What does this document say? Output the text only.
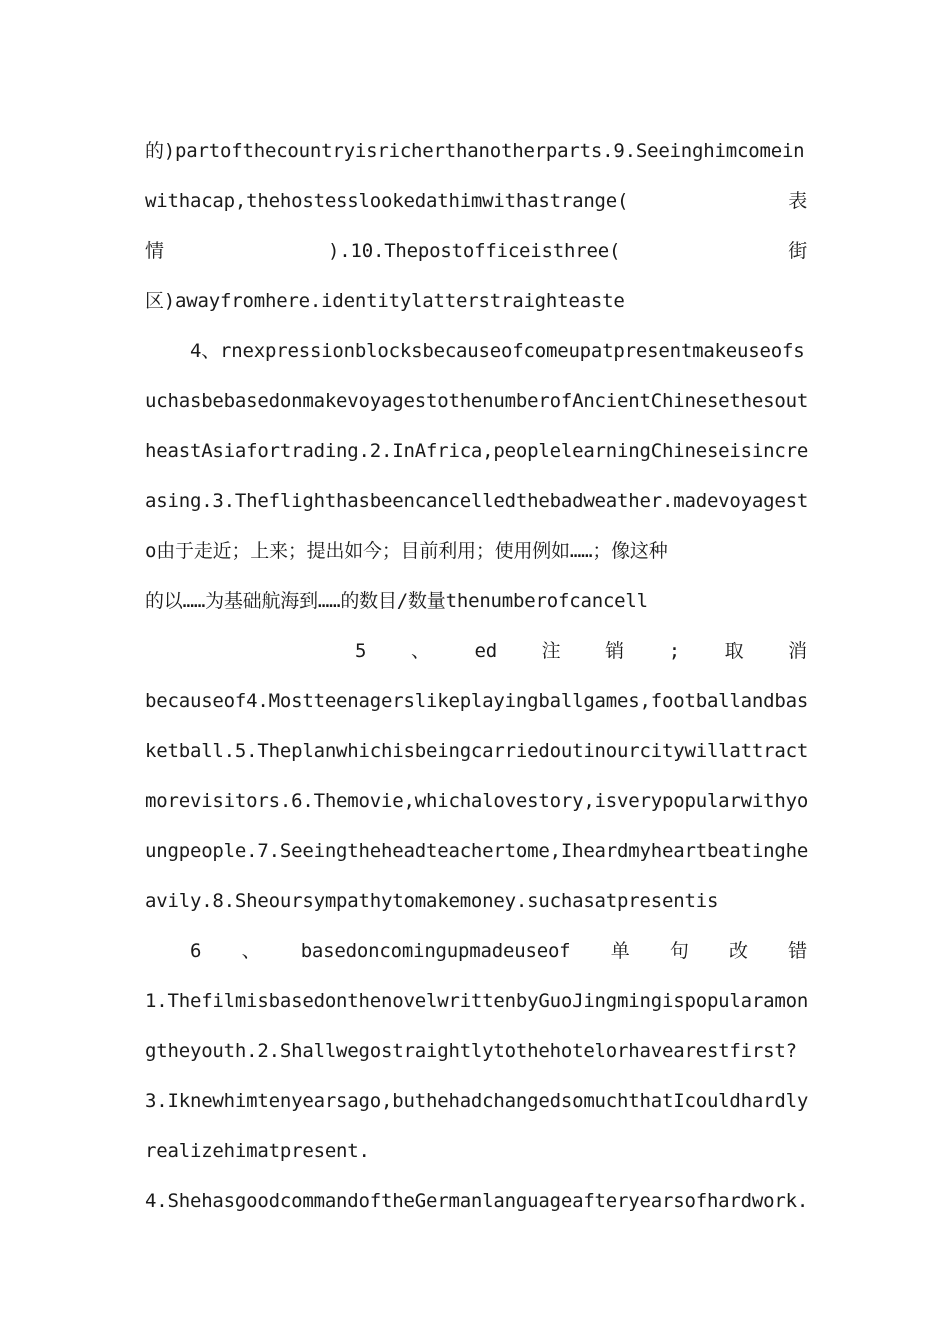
的)partofthecountryisricherthanotherparts.9.Seeinghimcomein
withacap,thehostesslookedathimwithastrange(	表
情	).10.Thepostofficeisthree(	街
区)awayfromhere.identitylatterstraighteaste
4、rnexpressionblocksbecauseofcomeupatpresentmakeuseofs
uchasbebasedonmakevoyagestothenumberofAncientChinesethesout
heastAsiafortrading.2.InAfrica,peoplelearningChineseisincre
asing.3.Theflighthasbeencancelledthebadweather.madevoyagest
o由于走近；上来；提出如今；目前利用；使用例如……；像这种
的以……为基础航海到……的数目/数量thenumberofcancell
5 、 ed 注 销 ; 取 消
becauseof4.Mostteenagerslikeplayingballgames,footballandbas
ketball.5.Theplanwhichisbeingcarriedoutinourcitywillattract
morevisitors.6.Themovie,whichalovestory,isverypopularwithyo
ungpeople.7.Seeingtheheadteachertome,Iheardmyheartbeatinghe
avily.8.Sheoursympathytomakemoney.suchasatpresentis
6 、 basedoncomingupmadeuseof 单 句 改 错
1.ThefilmisbasedonthenovelwrittenbyGuoJingmingispopularamon
gtheyouth.2.Shallwegostraightlytothehotelorhavearestfirst?
3.Iknewhimtenyearsago,buthehadchangedsomuchthatIcouldhardly
realizehimatpresent.
4.ShehasgoodcommandoftheGermanlanguageafteryearsofhardwork.
